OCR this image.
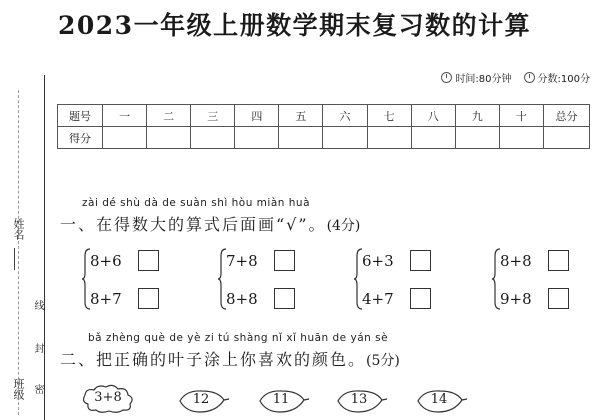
姓名
班级
线
封
密
2023一年级上册数学期末复习数的计算
时间:80分钟	分数:100分
题号	一	二	三	四	五	六	七	八	九	十	总分
得分											
zài dé shù dà de suàn shì hòu miàn huà
一、在得数大的算式后面画“√”。(4分)
8+6
8+7
7+8
8+8
6+3
4+7
8+8
9+8
bǎ zhèng què de yè zi tú shàng nǐ xǐ huān de yán sè
二、把正确的叶子涂上你喜欢的颜色。(5分)
3+8	12	11	13	14
